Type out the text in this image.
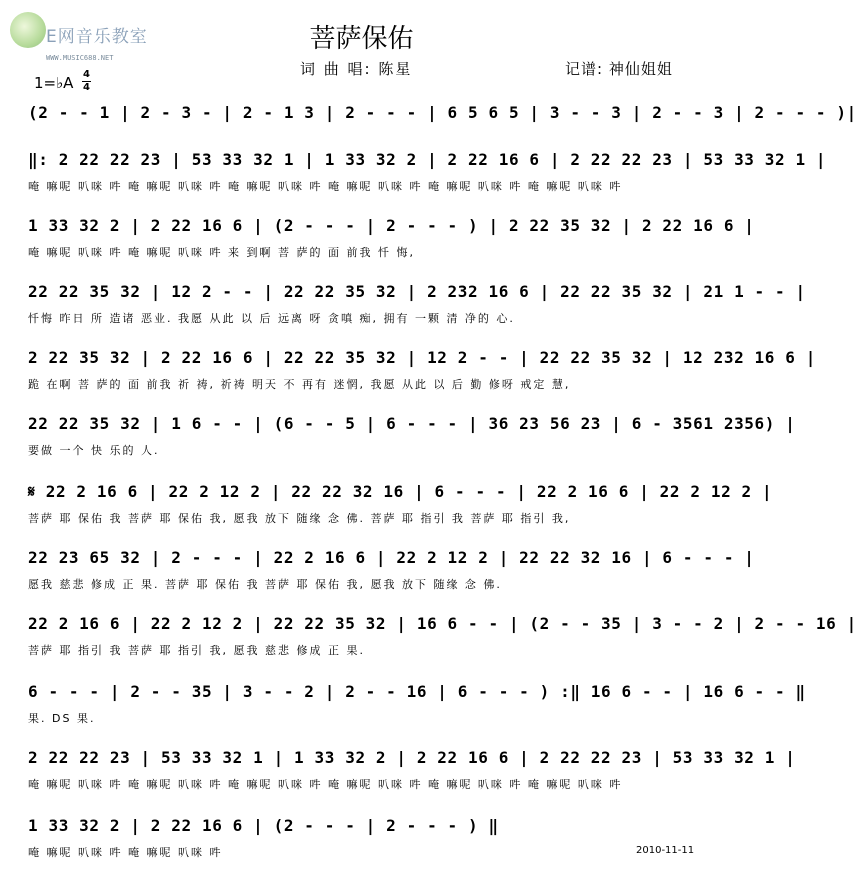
E网音乐教室
WWW.MUSIC688.NET
菩萨保佑
词 曲 唱: 陈星	记谱: 神仙姐姐
1=♭A 4
4
(2 - - 1 | 2 - 3 - | 2 - 1 3 | 2 - - - | 6 5 6 5 | 3 - - 3 | 2 - - 3 | 2 - - - )|
‖: 2 22 22 23 | 53 33 32 1 | 1 33 32 2 | 2 22 16 6 | 2 22 22 23 | 53 33 32 1 |
唵 嘛呢 叭咪 吽 唵 嘛呢 叭咪 吽 唵 嘛呢 叭咪 吽 唵 嘛呢 叭咪 吽 唵 嘛呢 叭咪 吽 唵 嘛呢 叭咪 吽
1 33 32 2 | 2 22 16 6 | (2 - - - | 2 - - - ) | 2 22 35 32 | 2 22 16 6 |
唵 嘛呢 叭咪 吽 唵 嘛呢 叭咪 吽 来 到啊 菩 萨的 面 前我 忏 悔,
22 22 35 32 | 12 2 - - | 22 22 35 32 | 2 232 16 6 | 22 22 35 32 | 21 1 - - |
忏悔 昨日 所 造诸 恶业. 我愿 从此 以 后 远离 呀 贪嗔 痴, 拥有 一颗 清 净的 心.
2 22 35 32 | 2 22 16 6 | 22 22 35 32 | 12 2 - - | 22 22 35 32 | 12 232 16 6 |
跪 在啊 菩 萨的 面 前我 祈 祷, 祈祷 明天 不 再有 迷惘, 我愿 从此 以 后 勤 修呀 戒定 慧,
22 22 35 32 | 1 6 - - | (6 - - 5 | 6 - - - | 36 23 56 23 | 6 - 3561 2356) |
要做 一个 快 乐的 人.
𝄋 22 2 16 6 | 22 2 12 2 | 22 22 32 16 | 6 - - - | 22 2 16 6 | 22 2 12 2 |
菩萨 耶 保佑 我 菩萨 耶 保佑 我, 愿我 放下 随缘 念 佛. 菩萨 耶 指引 我 菩萨 耶 指引 我,
22 23 65 32 | 2 - - - | 22 2 16 6 | 22 2 12 2 | 22 22 32 16 | 6 - - - |
愿我 慈悲 修成 正 果. 菩萨 耶 保佑 我 菩萨 耶 保佑 我, 愿我 放下 随缘 念 佛.
22 2 16 6 | 22 2 12 2 | 22 22 35 32 | 16 6 - - | (2 - - 35 | 3 - - 2 | 2 - - 16 |
菩萨 耶 指引 我 菩萨 耶 指引 我, 愿我 慈悲 修成 正 果.
6 - - - | 2 - - 35 | 3 - - 2 | 2 - - 16 | 6 - - - ) :‖ 16 6 - - | 16 6 - - ‖
果. DS 果.
2 22 22 23 | 53 33 32 1 | 1 33 32 2 | 2 22 16 6 | 2 22 22 23 | 53 33 32 1 |
唵 嘛呢 叭咪 吽 唵 嘛呢 叭咪 吽 唵 嘛呢 叭咪 吽 唵 嘛呢 叭咪 吽 唵 嘛呢 叭咪 吽 唵 嘛呢 叭咪 吽
1 33 32 2 | 2 22 16 6 | (2 - - - | 2 - - - ) ‖
唵 嘛呢 叭咪 吽 唵 嘛呢 叭咪 吽	2010-11-11
